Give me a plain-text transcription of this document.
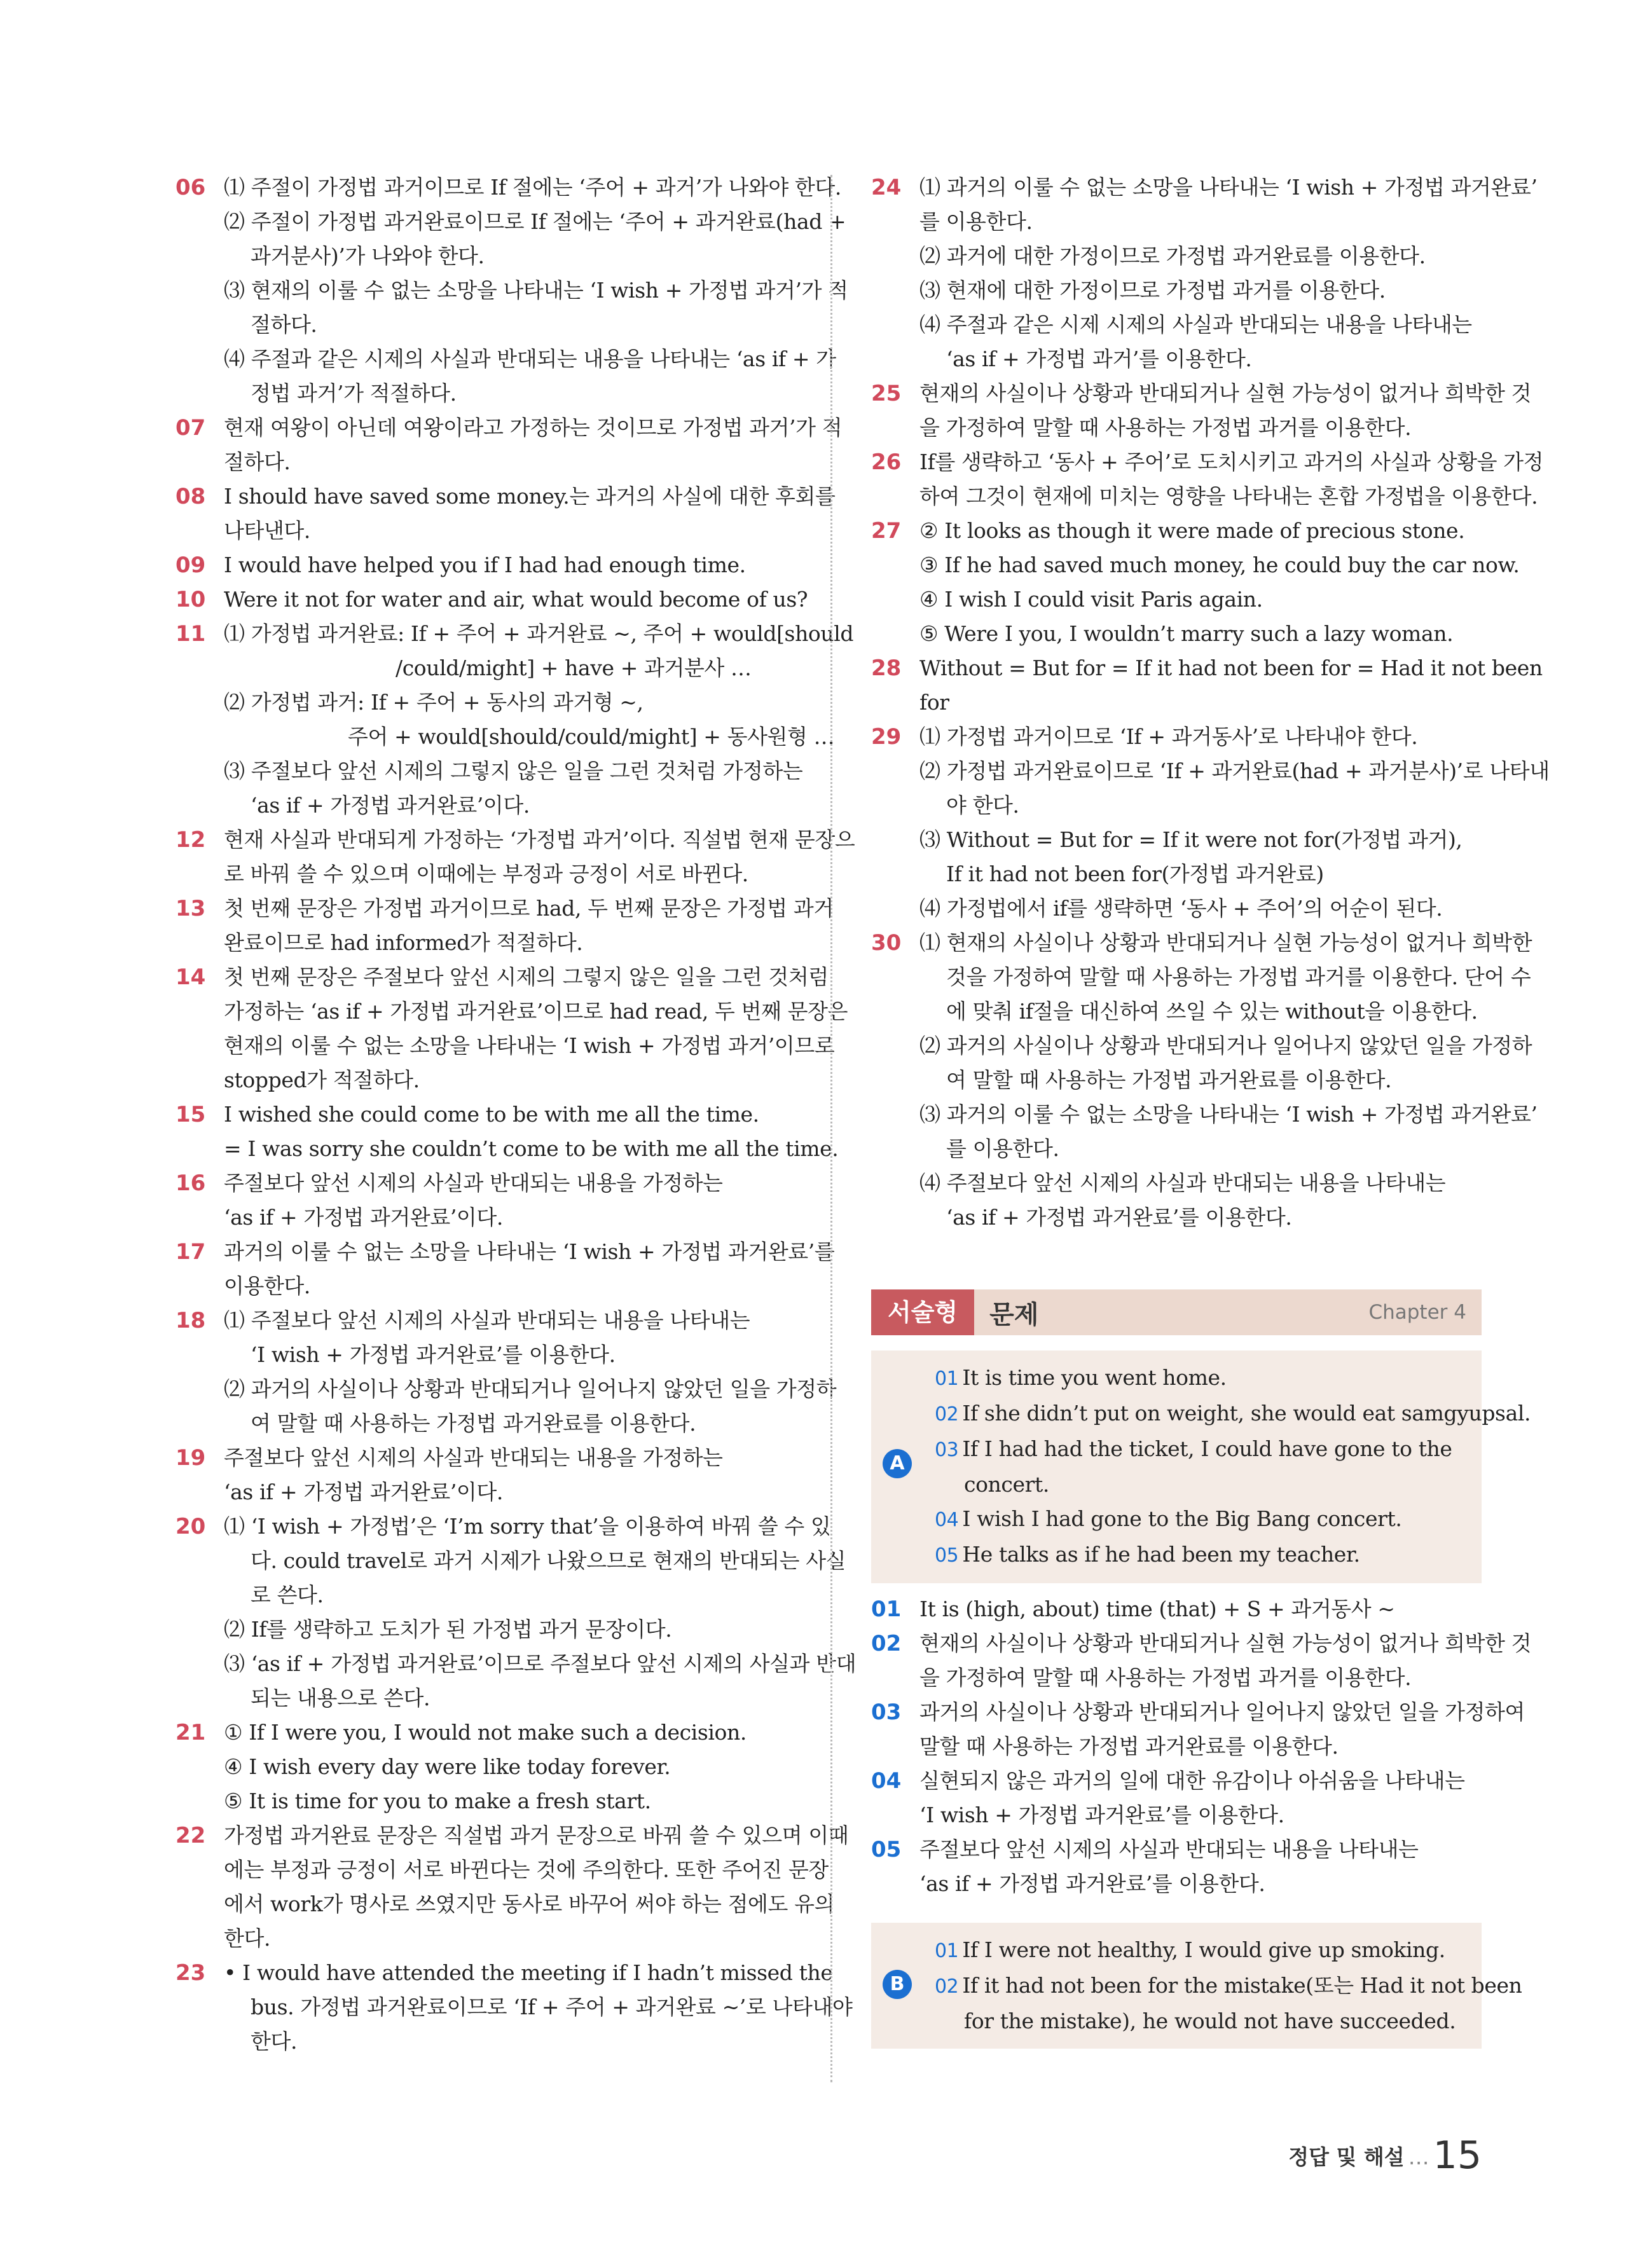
06 ⑴ 주절이 가정법 과거이므로 If 절에는 ‘주어 + 과거’가 나와야 한다.
⑵ 주절이 가정법 과거완료이므로 If 절에는 ‘주어 + 과거완료(had +
과거분사)’가 나와야 한다.
⑶ 현재의 이룰 수 없는 소망을 나타내는 ‘I wish + 가정법 과거’가 적
절하다.
⑷ 주절과 같은 시제의 사실과 반대되는 내용을 나타내는 ‘as if + 가
정법 과거’가 적절하다.
07 현재 여왕이 아닌데 여왕이라고 가정하는 것이므로 가정법 과거’가 적
절하다.
08 I should have saved some money.는 과거의 사실에 대한 후회를
나타낸다.
09 I would have helped you if I had had enough time.
10 Were it not for water and air, what would become of us?
11 ⑴ 가정법 과거완료: If + 주어 + 과거완료 ~, 주어 + would[should
/could/might] + have + 과거분사 …
⑵ 가정법 과거: If + 주어 + 동사의 과거형 ~,
주어 + would[should/could/might] + 동사원형 …
⑶ 주절보다 앞선 시제의 그렇지 않은 일을 그런 것처럼 가정하는
‘as if + 가정법 과거완료’이다.
12 현재 사실과 반대되게 가정하는 ‘가정법 과거’이다. 직설법 현재 문장으
로 바꿔 쓸 수 있으며 이때에는 부정과 긍정이 서로 바뀐다.
13 첫 번째 문장은 가정법 과거이므로 had, 두 번째 문장은 가정법 과거
완료이므로 had informed가 적절하다.
14 첫 번째 문장은 주절보다 앞선 시제의 그렇지 않은 일을 그런 것처럼
가정하는 ‘as if + 가정법 과거완료’이므로 had read, 두 번째 문장은
현재의 이룰 수 없는 소망을 나타내는 ‘I wish + 가정법 과거’이므로
stopped가 적절하다.
15 I wished she could come to be with me all the time.
= I was sorry she couldn’t come to be with me all the time.
16 주절보다 앞선 시제의 사실과 반대되는 내용을 가정하는
‘as if + 가정법 과거완료’이다.
17 과거의 이룰 수 없는 소망을 나타내는 ‘I wish + 가정법 과거완료’를
이용한다.
18 ⑴ 주절보다 앞선 시제의 사실과 반대되는 내용을 나타내는
‘I wish + 가정법 과거완료’를 이용한다.
⑵ 과거의 사실이나 상황과 반대되거나 일어나지 않았던 일을 가정하
여 말할 때 사용하는 가정법 과거완료를 이용한다.
19 주절보다 앞선 시제의 사실과 반대되는 내용을 가정하는
‘as if + 가정법 과거완료’이다.
20 ⑴ ‘I wish + 가정법’은 ‘I’m sorry that’을 이용하여 바꿔 쓸 수 있
다. could travel로 과거 시제가 나왔으므로 현재의 반대되는 사실
로 쓴다.
⑵ If를 생략하고 도치가 된 가정법 과거 문장이다.
⑶ ‘as if + 가정법 과거완료’이므로 주절보다 앞선 시제의 사실과 반대
되는 내용으로 쓴다.
21 ① If I were you, I would not make such a decision.
④ I wish every day were like today forever.
⑤ It is time for you to make a fresh start.
22 가정법 과거완료 문장은 직설법 과거 문장으로 바꿔 쓸 수 있으며 이때
에는 부정과 긍정이 서로 바뀐다는 것에 주의한다. 또한 주어진 문장
에서 work가 명사로 쓰였지만 동사로 바꾸어 써야 하는 점에도 유의
한다.
23 • I would have attended the meeting if I hadn’t missed the
bus. 가정법 과거완료이므로 ‘If + 주어 + 과거완료 ~’로 나타내야
한다.
24 ⑴ 과거의 이룰 수 없는 소망을 나타내는 ‘I wish + 가정법 과거완료’
를 이용한다.
⑵ 과거에 대한 가정이므로 가정법 과거완료를 이용한다.
⑶ 현재에 대한 가정이므로 가정법 과거를 이용한다.
⑷ 주절과 같은 시제 시제의 사실과 반대되는 내용을 나타내는
‘as if + 가정법 과거’를 이용한다.
25 현재의 사실이나 상황과 반대되거나 실현 가능성이 없거나 희박한 것
을 가정하여 말할 때 사용하는 가정법 과거를 이용한다.
26 If를 생략하고 ‘동사 + 주어’로 도치시키고 과거의 사실과 상황을 가정
하여 그것이 현재에 미치는 영향을 나타내는 혼합 가정법을 이용한다.
27 ② It looks as though it were made of precious stone.
③ If he had saved much money, he could buy the car now.
④ I wish I could visit Paris again.
⑤ Were I you, I wouldn’t marry such a lazy woman.
28 Without = But for = If it had not been for = Had it not been
for
29 ⑴ 가정법 과거이므로 ‘If + 과거동사’로 나타내야 한다.
⑵ 가정법 과거완료이므로 ‘If + 과거완료(had + 과거분사)’로 나타내
야 한다.
⑶ Without = But for = If it were not for(가정법 과거),
If it had not been for(가정법 과거완료)
⑷ 가정법에서 if를 생략하면 ‘동사 + 주어’의 어순이 된다.
30 ⑴ 현재의 사실이나 상황과 반대되거나 실현 가능성이 없거나 희박한
것을 가정하여 말할 때 사용하는 가정법 과거를 이용한다. 단어 수
에 맞춰 if절을 대신하여 쓰일 수 있는 without을 이용한다.
⑵ 과거의 사실이나 상황과 반대되거나 일어나지 않았던 일을 가정하
여 말할 때 사용하는 가정법 과거완료를 이용한다.
⑶ 과거의 이룰 수 없는 소망을 나타내는 ‘I wish + 가정법 과거완료’
를 이용한다.
⑷ 주절보다 앞선 시제의 사실과 반대되는 내용을 나타내는
‘as if + 가정법 과거완료’를 이용한다.
서술형	문제	Chapter 4
A
01 It is time you went home.
02 If she didn’t put on weight, she would eat samgyupsal.
03 If I had had the ticket, I could have gone to the
concert.
04 I wish I had gone to the Big Bang concert.
05 He talks as if he had been my teacher.
01 It is (high, about) time (that) + S + 과거동사 ~
02 현재의 사실이나 상황과 반대되거나 실현 가능성이 없거나 희박한 것
을 가정하여 말할 때 사용하는 가정법 과거를 이용한다.
03 과거의 사실이나 상황과 반대되거나 일어나지 않았던 일을 가정하여
말할 때 사용하는 가정법 과거완료를 이용한다.
04 실현되지 않은 과거의 일에 대한 유감이나 아쉬움을 나타내는
‘I wish + 가정법 과거완료’를 이용한다.
05 주절보다 앞선 시제의 사실과 반대되는 내용을 나타내는
‘as if + 가정법 과거완료’를 이용한다.
B
01 If I were not healthy, I would give up smoking.
02 If it had not been for the mistake(또는 Had it not been
for the mistake), he would not have succeeded.
정답 및 해설 … 15
